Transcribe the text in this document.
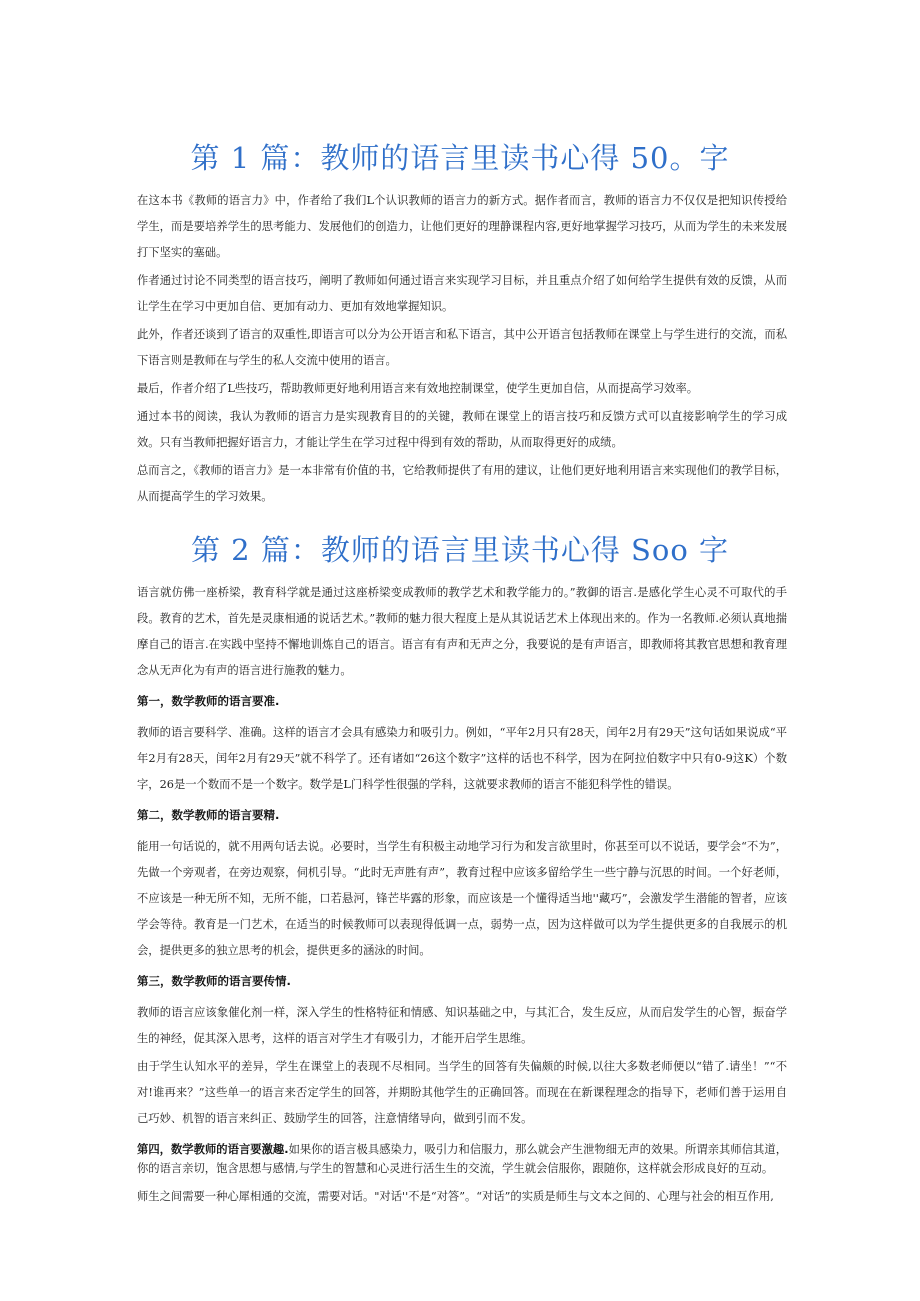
第 1 篇：教师的语言里读书心得 50。字

在这本书《教师的语言力》中，作者给了我们L个认识教师的语言力的新方式。据作者而言，教师的语言力不仅仅是把知识传授给学生，而是要培养学生的思考能力、发展他们的创造力，让他们更好的理静课程内容,更好地掌握学习技巧，从而为学生的未来发展打下坚实的塞础。

作者通过讨论不同类型的语言技巧，阐明了教师如何通过语言来实现学习目标，并且重点介绍了如何给学生提供有效的反馈，从而让学生在学习中更加自信、更加有动力、更加有效地掌握知识。

此外，作者还谈到了语言的双重性,即语言可以分为公开语言和私下语言，其中公开语言包括教师在课堂上与学生进行的交流，而私下语言则是教师在与学生的私人交流中使用的语言。

最后，作者介绍了L些技巧，帮助教师更好地利用语言来有效地控制课堂，使学生更加自信，从而提高学习效率。

通过本书的阅读，我认为教师的语言力是实现教育目的的关键，教师在课堂上的语言技巧和反馈方式可以直接影响学生的学习成效。只有当教师把握好语言力，才能让学生在学习过程中得到有效的帮助，从而取得更好的成绩。

总而言之，《教师的语言力》是一本非常有价值的书，它给教师提供了有用的建议，让他们更好地利用语言来实现他们的教学目标，从而提高学生的学习效果。

第 2 篇：教师的语言里读书心得 Soo 字

语言就仿佛一座桥梁，教育科学就是通过这座桥梁变成教师的教学艺术和教学能力的。”教御的语言.是感化学生心灵不可取代的手段。教育的艺术，首先是灵康相通的说话艺术。”教师的魅力很大程度上是从其说话艺术上体现出来的。作为一名教师.必须认真地揣摩自己的语言.在实践中坚持不懈地训炼自己的语言。语言有有声和无声之分，我要说的是有声语言，即教师将其教官思想和教育理念从无声化为有声的语言进行施教的魅力。

第一，数学教师的语言要准.

教师的语言要科学、准确。这样的语言才会具有感染力和吸引力。例如，“平年2月只有28天，闰年2月有29天”这句话如果说成“平年2月有28天，闰年2月有29天”就不科学了。还有诸如“26这个数字”这样的话也不科学，因为在阿拉伯数字中只有0-9这K）个数字，26是一个数而不是一个数字。数学是L门科学性很强的学科，这就要求教师的语言不能犯科学性的错误。

第二，数学教师的语言要精.

能用一句话说的，就不用两句话去说。必要时，当学生有积极主动地学习行为和发言欲里时，你甚至可以不说话，要学会“不为”，先做一个旁观者，在旁边观察，伺机引导。“此时无声胜有声”，教育过程中应该多留给学生一些宁静与沉思的时间。一个好老师，不应该是一种无所不知，无所不能，口若悬河，锋芒毕露的形象，而应该是一个懂得适当地''藏巧”，会激发学生潜能的智者，应该学会等待。教育是一门艺术，在适当的时候教师可以表现得低调一点，弱势一点，因为这样做可以为学生提供更多的自我展示的机会，提供更多的独立思考的机会，提供更多的涵泳的时间。

第三，数学教师的语言要传情.

教师的语言应该象催化剂一样，深入学生的性格特征和情感、知识基础之中，与其汇合，发生反应，从而启发学生的心智，振奋学生的神经，促其深入思考，这样的语言对学生才有吸引力，才能开启学生思维。

由于学生认知水平的差异，学生在课堂上的表现不尽相同。当学生的回答有失偏颇的时候,以往大多数老师便以“错了.请坐！”“不对!谁再来？”这些单一的语言来否定学生的回答，并期盼其他学生的正确回答。而现在在新课程理念的指导下，老师们善于运用自己巧妙、机智的语言来纠正、鼓励学生的回答，注意情绪导向，做到引而不发。

第四，数学教师的语言要激趣.如果你的语言极具感染力，吸引力和信服力，那么就会产生泄物细无声的效果。所谓亲其师信其道，你的语言亲切，饱含思想与感情,与学生的智慧和心灵进行活生生的交流，学生就会信服你，跟随你，这样就会形成良好的互动。

师生之间需要一种心犀相通的交流，需要对话。"对话''不是“对答”。“对话”的实质是师生与文本之间的、心理与社会的相互作用,
